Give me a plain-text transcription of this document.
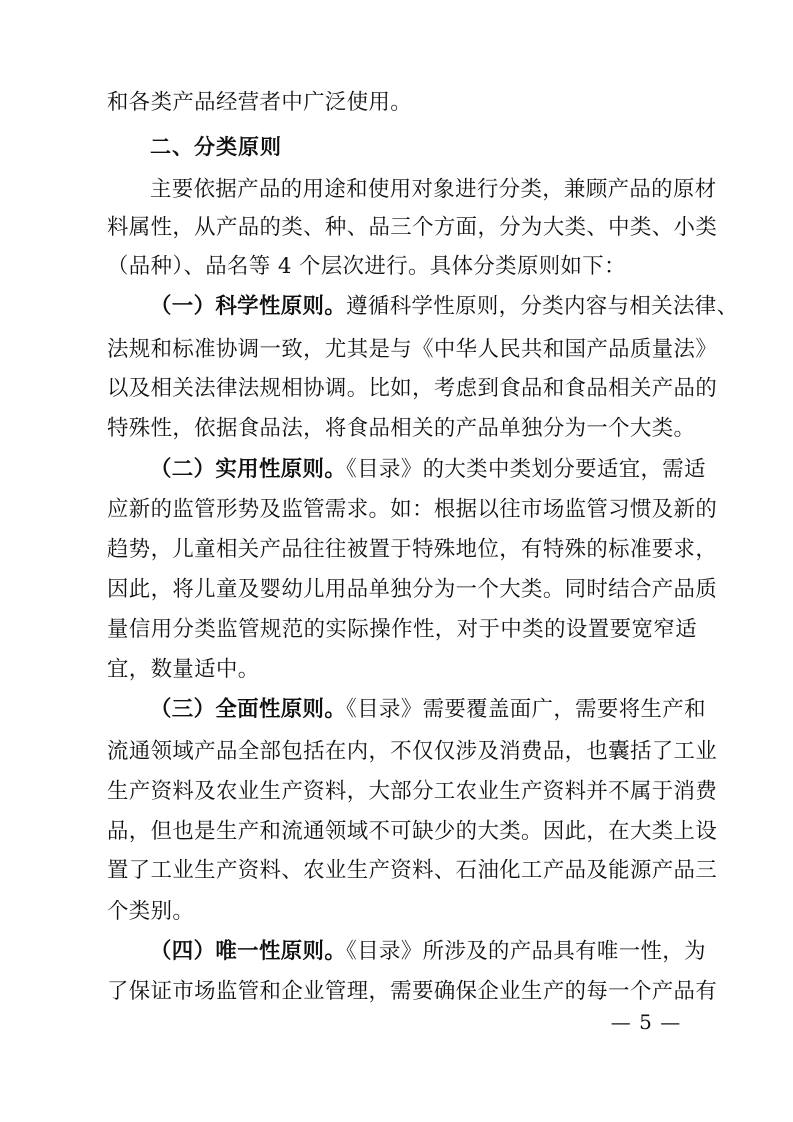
和各类产品经营者中广泛使用。
二、分类原则
主要依据产品的用途和使用对象进行分类，兼顾产品的原材
料属性，从产品的类、种、品三个方面，分为大类、中类、小类
（品种）、品名等 4 个层次进行。具体分类原则如下：
（一）科学性原则。遵循科学性原则，分类内容与相关法律、
法规和标准协调一致，尤其是与《中华人民共和国产品质量法》
以及相关法律法规相协调。比如，考虑到食品和食品相关产品的
特殊性，依据食品法，将食品相关的产品单独分为一个大类。
（二）实用性原则。《目录》的大类中类划分要适宜，需适
应新的监管形势及监管需求。如：根据以往市场监管习惯及新的
趋势，儿童相关产品往往被置于特殊地位，有特殊的标准要求，
因此，将儿童及婴幼儿用品单独分为一个大类。同时结合产品质
量信用分类监管规范的实际操作性，对于中类的设置要宽窄适
宜，数量适中。
（三）全面性原则。《目录》需要覆盖面广，需要将生产和
流通领域产品全部包括在内，不仅仅涉及消费品，也囊括了工业
生产资料及农业生产资料，大部分工农业生产资料并不属于消费
品，但也是生产和流通领域不可缺少的大类。因此，在大类上设
置了工业生产资料、农业生产资料、石油化工产品及能源产品三
个类别。
（四）唯一性原则。《目录》所涉及的产品具有唯一性，为
了保证市场监管和企业管理，需要确保企业生产的每一个产品有
— 5 —
